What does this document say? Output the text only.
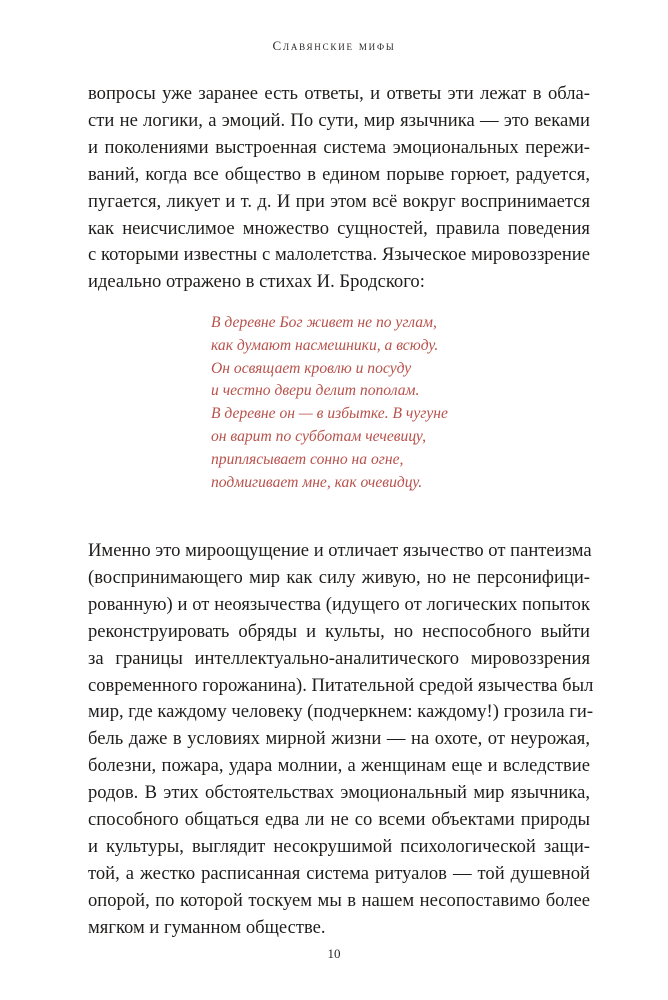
Славянские мифы
вопросы уже заранее есть ответы, и ответы эти лежат в обла-
сти не логики, а эмоций. По сути, мир язычника — это веками
и поколениями выстроенная система эмоциональных пережи-
ваний, когда все общество в едином порыве горюет, радуется,
пугается, ликует и т. д. И при этом всё вокруг воспринимается
как неисчислимое множество сущностей, правила поведения
с которыми известны с малолетства. Языческое мировоззрение
идеально отражено в стихах И. Бродского:
В деревне Бог живет не по углам,
как думают насмешники, а всюду.
Он освящает кровлю и посуду
и честно двери делит пополам.
В деревне он — в избытке. В чугуне
он варит по субботам чечевицу,
приплясывает сонно на огне,
подмигивает мне, как очевидцу.
Именно это мироощущение и отличает язычество от пантеизма
(воспринимающего мир как силу живую, но не персонифици-
рованную) и от неоязычества (идущего от логических попыток
реконструировать обряды и культы, но неспособного выйти
за границы интеллектуально-аналитического мировоззрения
современного горожанина). Питательной средой язычества был
мир, где каждому человеку (подчеркнем: каждому!) грозила ги-
бель даже в условиях мирной жизни — на охоте, от неурожая,
болезни, пожара, удара молнии, а женщинам еще и вследствие
родов. В этих обстоятельствах эмоциональный мир язычника,
способного общаться едва ли не со всеми объектами природы
и культуры, выглядит несокрушимой психологической защи-
той, а жестко расписанная система ритуалов — той душевной
опорой, по которой тоскуем мы в нашем несопоставимо более
мягком и гуманном обществе.
10
